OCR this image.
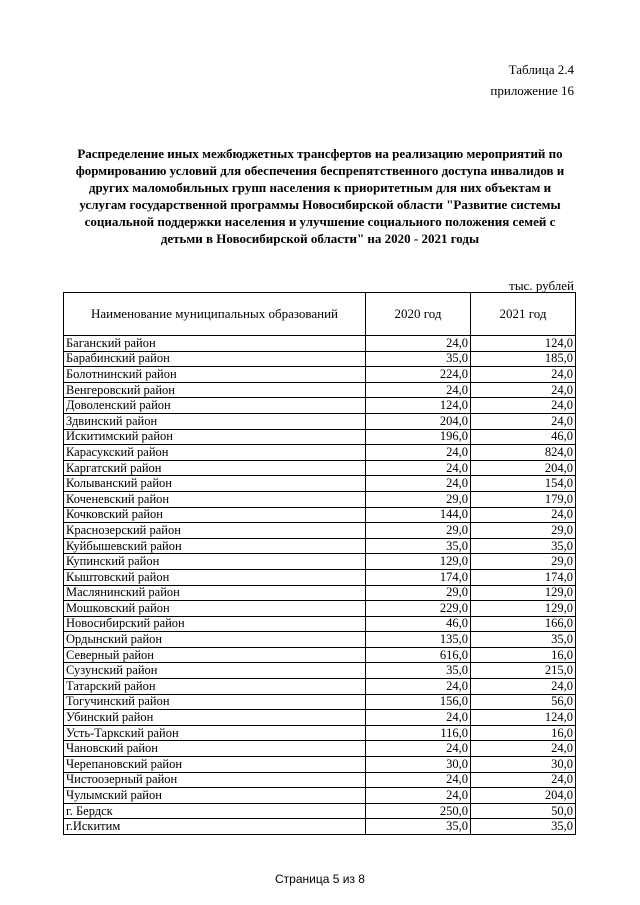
Таблица 2.4
приложение 16
Распределение иных межбюджетных трансфертов на реализацию мероприятий по формированию условий для обеспечения беспрепятственного доступа инвалидов и других маломобильных групп населения к приоритетным для них объектам и услугам государственной программы Новосибирской области "Развитие системы социальной поддержки населения и улучшение социального положения семей с детьми в Новосибирской области" на 2020 - 2021 годы
тыс. рублей
Наименование муниципальных образований	2020 год	2021 год
Баганский район	24,0	124,0
Барабинский район	35,0	185,0
Болотнинский район	224,0	24,0
Венгеровский район	24,0	24,0
Доволенский район	124,0	24,0
Здвинский район	204,0	24,0
Искитимский район	196,0	46,0
Карасукский район	24,0	824,0
Каргатский район	24,0	204,0
Колыванский район	24,0	154,0
Коченевский район	29,0	179,0
Кочковский район	144,0	24,0
Краснозерский район	29,0	29,0
Куйбышевский район	35,0	35,0
Купинский район	129,0	29,0
Кыштовский район	174,0	174,0
Маслянинский район	29,0	129,0
Мошковский район	229,0	129,0
Новосибирский район	46,0	166,0
Ордынский район	135,0	35,0
Северный район	616,0	16,0
Сузунский район	35,0	215,0
Татарский район	24,0	24,0
Тогучинский район	156,0	56,0
Убинский район	24,0	124,0
Усть-Таркский район	116,0	16,0
Чановский район	24,0	24,0
Черепановский район	30,0	30,0
Чистоозерный район	24,0	24,0
Чулымский район	24,0	204,0
г. Бердск	250,0	50,0
г.Искитим	35,0	35,0
Страница 5 из 8
